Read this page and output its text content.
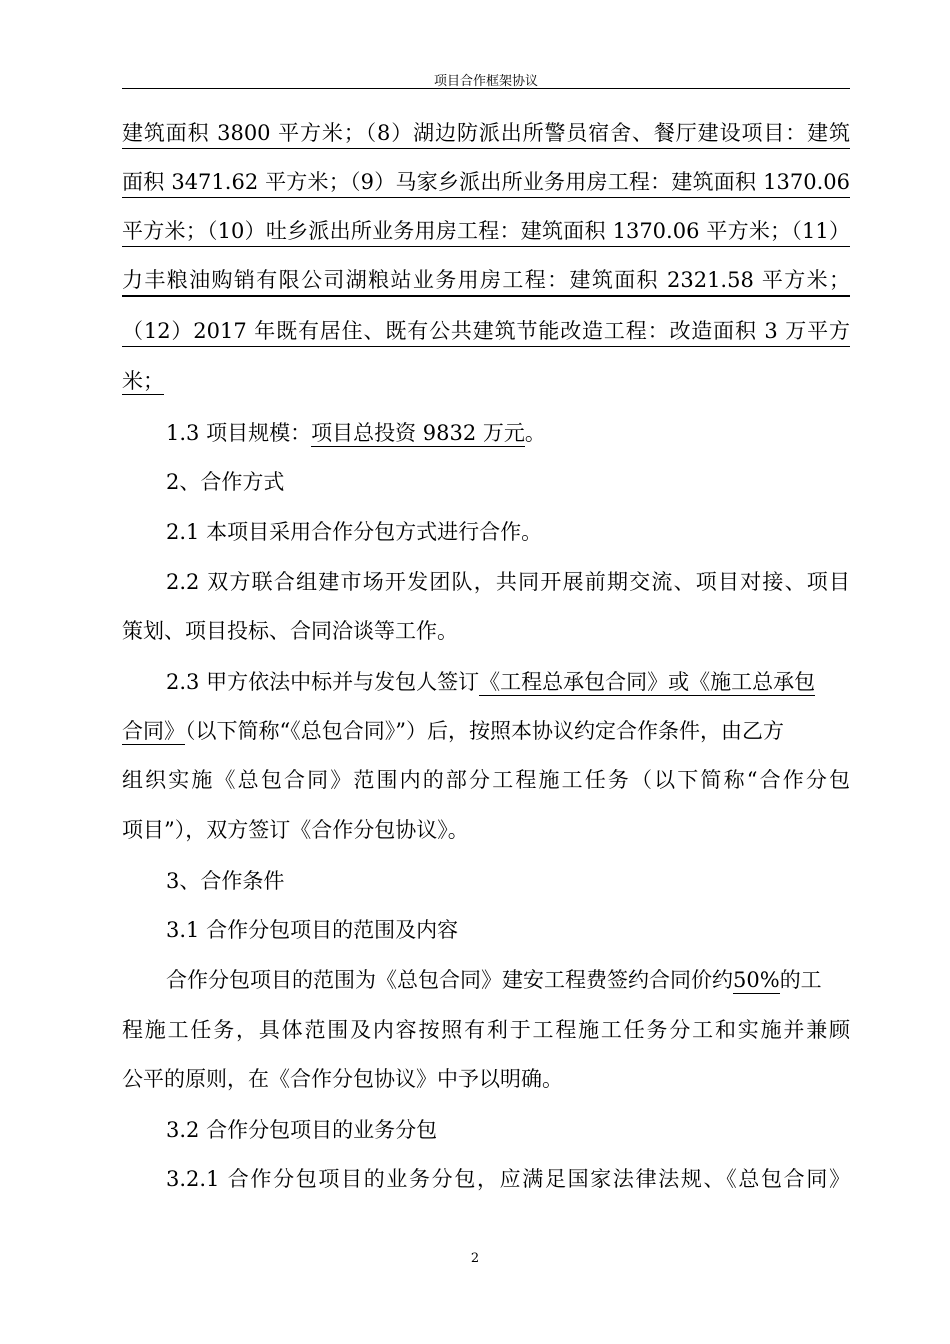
项目合作框架协议
建筑面积 3800 平方米；（8）湖边防派出所警员宿舍、餐厅建设项目：建筑
面积 3471.62 平方米；（9）马家乡派出所业务用房工程：建筑面积 1370.06
平方米；（10）吐乡派出所业务用房工程：建筑面积 1370.06 平方米；（11）
力丰粮油购销有限公司湖粮站业务用房工程：建筑面积 2321.58 平方米；
（12）2017 年既有居住、既有公共建筑节能改造工程：改造面积 3 万平方
米；
1.3 项目规模：项目总投资 9832 万元。
2、合作方式
2.1 本项目采用合作分包方式进行合作。
2.2 双方联合组建市场开发团队，共同开展前期交流、项目对接、项目
策划、项目投标、合同洽谈等工作。
2.3 甲方依法中标并与发包人签订《工程总承包合同》或《施工总承包
合同》（以下简称“《总包合同》”）后，按照本协议约定合作条件，由乙方
组织实施《总包合同》范围内的部分工程施工任务（以下简称“合作分包
项目”），双方签订《合作分包协议》。
3、合作条件
3.1 合作分包项目的范围及内容
合作分包项目的范围为《总包合同》建安工程费签约合同价约50%的工
程施工任务，具体范围及内容按照有利于工程施工任务分工和实施并兼顾
公平的原则，在《合作分包协议》中予以明确。
3.2 合作分包项目的业务分包
3.2.1 合作分包项目的业务分包，应满足国家法律法规、《总包合同》
2
